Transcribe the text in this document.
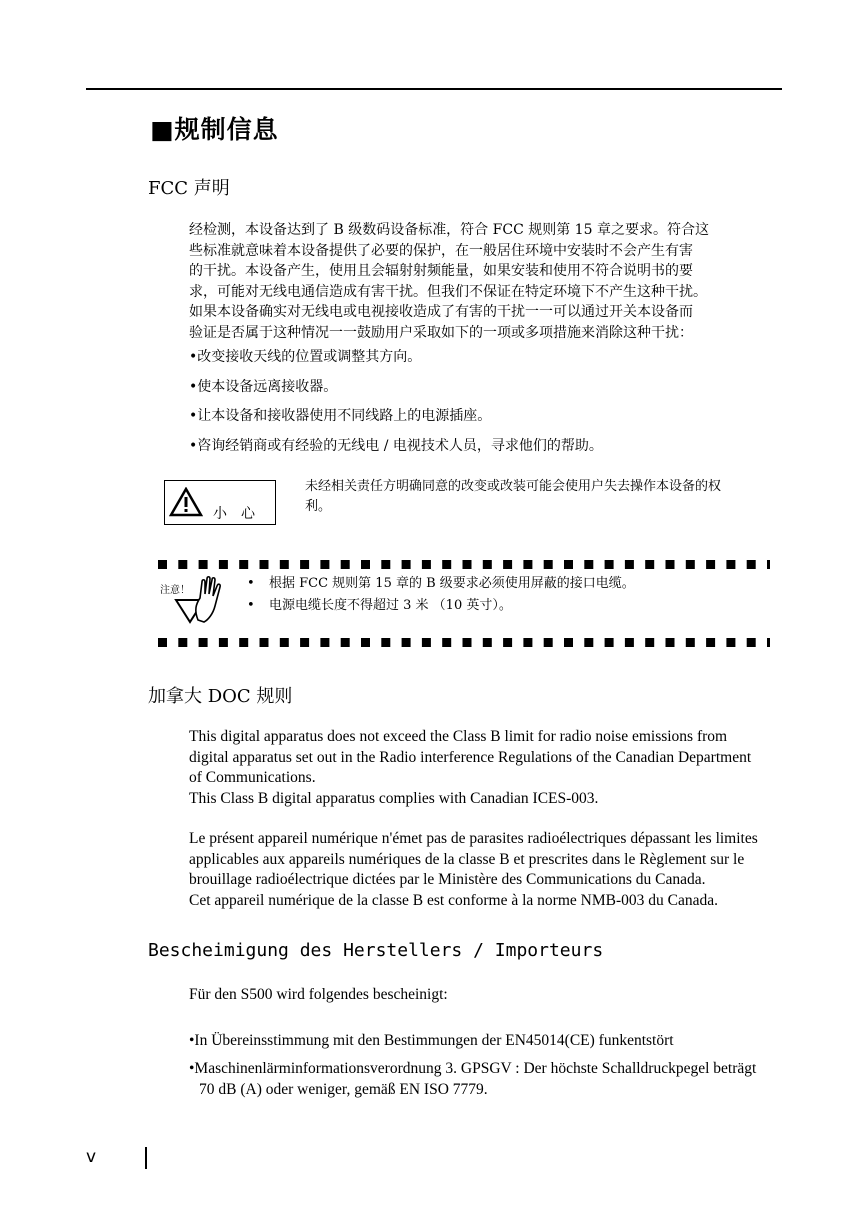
■规制信息
FCC 声明

经检测，本设备达到了 B 级数码设备标准，符合 FCC 规则第 15 章之要求。符合这

些标准就意味着本设备提供了必要的保护，在一般居住环境中安装时不会产生有害

的干扰。本设备产生，使用且会辐射射频能量，如果安装和使用不符合说明书的要

求，可能对无线电通信造成有害干扰。但我们不保证在特定环境下不产生这种干扰。

如果本设备确实对无线电或电视接收造成了有害的干扰一一可以通过开关本设备而

验证是否属于这种情况一一鼓励用户采取如下的一项或多项措施来消除这种干扰：

•改变接收天线的位置或调整其方向。
•使本设备远离接收器。
•让本设备和接收器使用不同线路上的电源插座。
•咨询经销商或有经验的无线电 / 电视技术人员，寻求他们的帮助。
小　心
未经相关责任方明确同意的改变或改装可能会使用户失去操作本设备的权
利。
注意！	• 根据 FCC 规则第 15 章的 B 级要求必须使用屏蔽的接口电缆。
• 电源电缆长度不得超过 3 米 （10 英寸）。
加拿大 DOC 规则

This digital apparatus does not exceed the Class B limit for radio noise emissions from

digital apparatus set out in the Radio interference Regulations of the Canadian Department

of Communications.

This Class B digital apparatus complies with Canadian ICES-003.

Le présent appareil numérique n'émet pas de parasites radioélectriques dépassant les limites

applicables aux appareils numériques de la classe B et prescrites dans le Règlement sur le

brouillage radioélectrique dictées par le Ministère des Communications du Canada.

Cet appareil numérique de la classe B est conforme à la norme NMB-003 du Canada.

Bescheimigung des Herstellers / Importeurs
Für den S500 wird folgendes bescheinigt:
•In Übereinsstimmung mit den Bestimmungen der EN45014(CE) funkentstört

•Maschinenlärminformationsverordnung 3. GPSGV : Der höchste Schalldruckpegel beträgt

70 dB (A) oder weniger, gemäß EN ISO 7779.

v
